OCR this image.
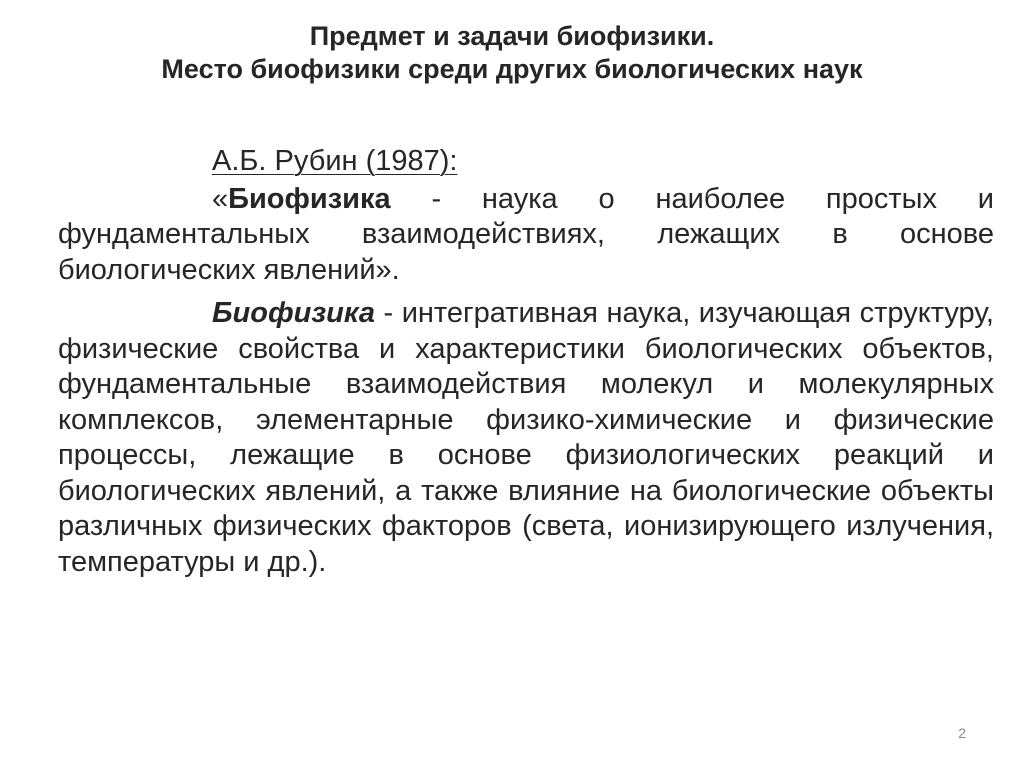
Предмет и задачи биофизики.
Место биофизики среди других биологических наук
А.Б. Рубин (1987):

«Биофизика - наука о наиболее простых и фундаментальных взаимодействиях, лежащих в основе биологических явлений».

Биофизика - интегративная наука, изучающая структуру, физические свойства и характеристики биологических объектов, фундаментальные взаимодействия молекул и молекулярных комплексов, элементарные физико-химические и физические процессы, лежащие в основе физиологических реакций и биологических явлений, а также влияние на биологические объекты различных физических факторов (света, ионизирующего излучения, температуры и др.).

2
